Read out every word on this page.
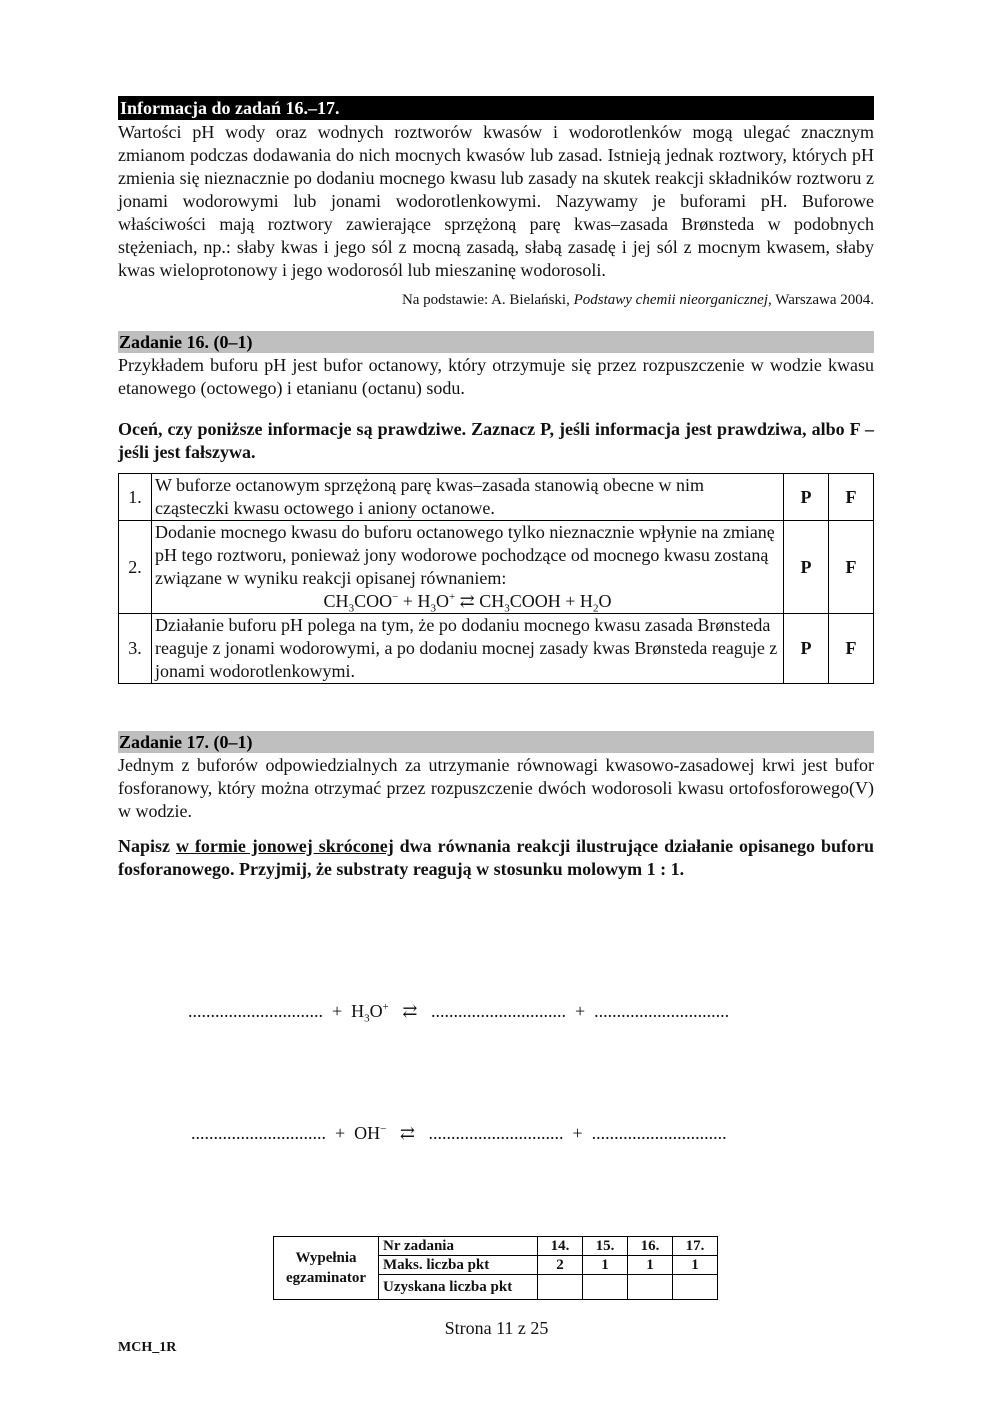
Informacja do zadań 16.–17.

Wartości pH wody oraz wodnych roztworów kwasów i wodorotlenków mogą ulegać znacznym zmianom podczas dodawania do nich mocnych kwasów lub zasad. Istnieją jednak roztwory, których pH zmienia się nieznacznie po dodaniu mocnego kwasu lub zasady na skutek reakcji składników roztworu z jonami wodorowymi lub jonami wodorotlenkowymi. Nazywamy je buforami pH. Buforowe właściwości mają roztwory zawierające sprzężoną parę kwas–zasada Brønsteda w podobnych stężeniach, np.: słaby kwas i jego sól z mocną zasadą, słabą zasadę i jej sól z mocnym kwasem, słaby kwas wieloprotonowy i jego wodorosól lub mieszaninę wodorosoli.

Na podstawie: A. Bielański, Podstawy chemii nieorganicznej, Warszawa 2004.
Zadanie 16. (0–1)

Przykładem buforu pH jest bufor octanowy, który otrzymuje się przez rozpuszczenie w wodzie kwasu etanowego (octowego) i etanianu (octanu) sodu.

Oceń, czy poniższe informacje są prawdziwe. Zaznacz P, jeśli informacja jest prawdziwa, albo F – jeśli jest fałszywa.

1.	W buforze octanowym sprzężoną parę kwas–zasada stanowią obecne w nim cząsteczki kwasu octowego i aniony octanowe.	P	F
2.	Dodanie mocnego kwasu do buforu octanowego tylko nieznacznie wpłynie na zmianę pH tego roztworu, ponieważ jony wodorowe pochodzące od mocnego kwasu zostaną związane w wyniku reakcji opisanej równaniem:
$CH_3COO^- + H_3O^+$ ⇄ $CH_3COOH + H_2O$	P	F
3.	Działanie buforu pH polega na tym, że po dodaniu mocnego kwasu zasada Brønsteda reaguje z jonami wodorowymi, a po dodaniu mocnej zasady kwas Brønsteda reaguje z jonami wodorotlenkowymi.	P	F
Zadanie 17. (0–1)

Jednym z buforów odpowiedzialnych za utrzymanie równowagi kwasowo-zasadowej krwi jest bufor fosforanowy, który można otrzymać przez rozpuszczenie dwóch wodorosoli kwasu ortofosforowego(V) w wodzie.

Napisz w formie jonowej skróconej dwa równania reakcji ilustrujące działanie opisanego buforu fosforanowego. Przyjmij, że substraty reagują w stosunku molowym 1 : 1.

.............................. + $H_3O^+$ ⇄ .............................. + ..............................
.............................. + OH− ⇄ .............................. + ..............................
Wypełnia
egzaminator	Nr zadania	14.	15.	16.	17.
	Maks. liczba pkt	2	1	1	1
	Uzyskana liczba pkt				
Strona 11 z 25
MCH_1R
